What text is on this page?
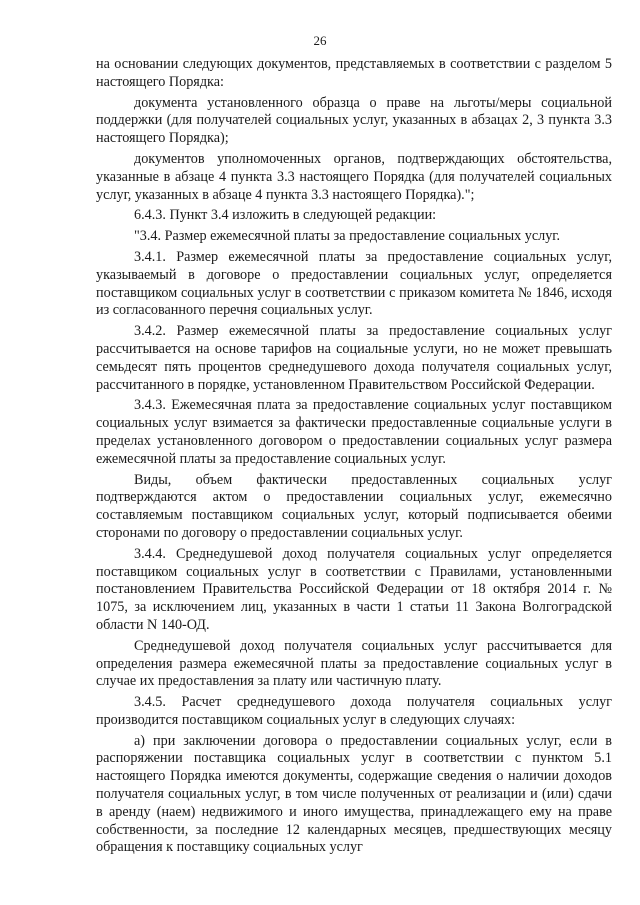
26

на основании следующих документов, представляемых в соответствии с разделом 5 настоящего Порядка:

документа установленного образца о праве на льготы/меры социальной поддержки (для получателей социальных услуг, указанных в абзацах 2, 3 пункта 3.3 настоящего Порядка);

документов уполномоченных органов, подтверждающих обстоятельства, указанные в абзаце 4 пункта 3.3 настоящего Порядка (для получателей социальных услуг, указанных в абзаце 4 пункта 3.3 настоящего Порядка).";

6.4.3. Пункт 3.4 изложить в следующей редакции:

"3.4. Размер ежемесячной платы за предоставление социальных услуг.

3.4.1. Размер ежемесячной платы за предоставление социальных услуг, указываемый в договоре о предоставлении социальных услуг, определяется поставщиком социальных услуг в соответствии с приказом комитета № 1846, исходя из согласованного перечня социальных услуг.

3.4.2. Размер ежемесячной платы за предоставление социальных услуг рассчитывается на основе тарифов на социальные услуги, но не может превышать семьдесят пять процентов среднедушевого дохода получателя социальных услуг, рассчитанного в порядке, установленном Правительством Российской Федерации.

3.4.3. Ежемесячная плата за предоставление социальных услуг поставщиком социальных услуг взимается за фактически предоставленные социальные услуги в пределах установленного договором о предоставлении социальных услуг размера ежемесячной платы за предоставление социальных услуг.

Виды, объем фактически предоставленных социальных услуг подтверждаются актом о предоставлении социальных услуг, ежемесячно составляемым поставщиком социальных услуг, который подписывается обеими сторонами по договору о предоставлении социальных услуг.

3.4.4. Среднедушевой доход получателя социальных услуг определяется поставщиком социальных услуг в соответствии с Правилами, установленными постановлением Правительства Российской Федерации от 18 октября 2014 г. № 1075, за исключением лиц, указанных в части 1 статьи 11 Закона Волгоградской области N 140-ОД.

Среднедушевой доход получателя социальных услуг рассчитывается для определения размера ежемесячной платы за предоставление социальных услуг в случае их предоставления за плату или частичную плату.

3.4.5. Расчет среднедушевого дохода получателя социальных услуг производится поставщиком социальных услуг в следующих случаях:

а) при заключении договора о предоставлении социальных услуг, если в распоряжении поставщика социальных услуг в соответствии с пунктом 5.1 настоящего Порядка имеются документы, содержащие сведения о наличии доходов получателя социальных услуг, в том числе полученных от реализации и (или) сдачи в аренду (наем) недвижимого и иного имущества, принадлежащего ему на праве собственности, за последние 12 календарных месяцев, предшествующих месяцу обращения к поставщику социальных услуг
